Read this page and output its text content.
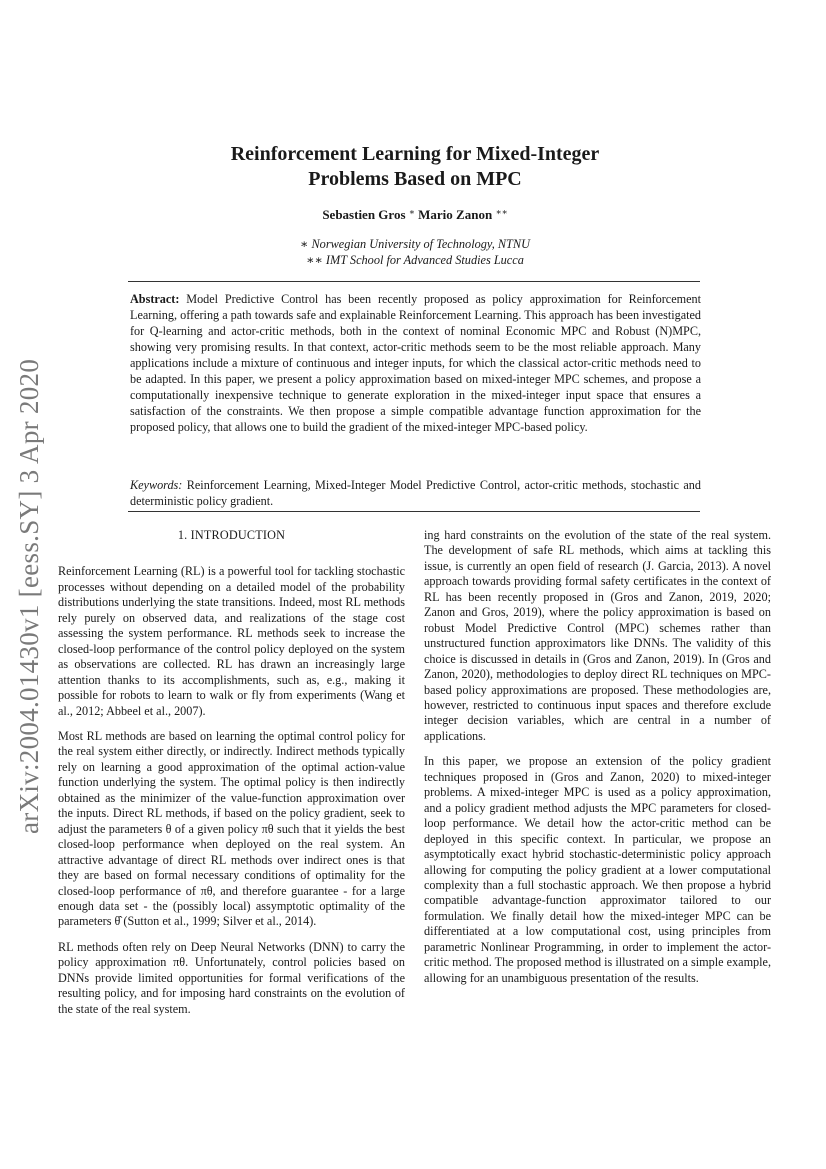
arXiv:2004.01430v1 [eess.SY] 3 Apr 2020
Reinforcement Learning for Mixed-Integer
Problems Based on MPC
Sebastien Gros ∗ Mario Zanon ∗∗
∗ Norwegian University of Technology, NTNU
∗∗ IMT School for Advanced Studies Lucca
Abstract: Model Predictive Control has been recently proposed as policy approximation for Reinforcement Learning, offering a path towards safe and explainable Reinforcement Learning. This approach has been investigated for Q-learning and actor-critic methods, both in the context of nominal Economic MPC and Robust (N)MPC, showing very promising results. In that context, actor-critic methods seem to be the most reliable approach. Many applications include a mixture of continuous and integer inputs, for which the classical actor-critic methods need to be adapted. In this paper, we present a policy approximation based on mixed-integer MPC schemes, and propose a computationally inexpensive technique to generate exploration in the mixed-integer input space that ensures a satisfaction of the constraints. We then propose a simple compatible advantage function approximation for the proposed policy, that allows one to build the gradient of the mixed-integer MPC-based policy.
Keywords: Reinforcement Learning, Mixed-Integer Model Predictive Control, actor-critic methods, stochastic and deterministic policy gradient.
1. INTRODUCTION

Reinforcement Learning (RL) is a powerful tool for tackling stochastic processes without depending on a detailed model of the probability distributions underlying the state transitions. Indeed, most RL methods rely purely on observed data, and realizations of the stage cost assessing the system performance. RL methods seek to increase the closed-loop performance of the control policy deployed on the system as observations are collected. RL has drawn an increasingly large attention thanks to its accomplishments, such as, e.g., making it possible for robots to learn to walk or fly from experiments (Wang et al., 2012; Abbeel et al., 2007).

Most RL methods are based on learning the optimal control policy for the real system either directly, or indirectly. Indirect methods typically rely on learning a good approximation of the optimal action-value function underlying the system. The optimal policy is then indirectly obtained as the minimizer of the value-function approximation over the inputs. Direct RL methods, if based on the policy gradient, seek to adjust the parameters θ of a given policy πθ such that it yields the best closed-loop performance when deployed on the real system. An attractive advantage of direct RL methods over indirect ones is that they are based on formal necessary conditions of optimality for the closed-loop performance of πθ, and therefore guarantee - for a large enough data set - the (possibly local) assymptotic optimality of the parameters θ̂ (Sutton et al., 1999; Silver et al., 2014).

RL methods often rely on Deep Neural Networks (DNN) to carry the policy approximation πθ. Unfortunately, control policies based on DNNs provide limited opportunities for formal verifications of the resulting policy, and for imposing hard constraints on the evolution of the state of the real system.

ing hard constraints on the evolution of the state of the real system. The development of safe RL methods, which aims at tackling this issue, is currently an open field of research (J. Garcia, 2013). A novel approach towards providing formal safety certificates in the context of RL has been recently proposed in (Gros and Zanon, 2019, 2020; Zanon and Gros, 2019), where the policy approximation is based on robust Model Predictive Control (MPC) schemes rather than unstructured function approximators like DNNs. The validity of this choice is discussed in details in (Gros and Zanon, 2019). In (Gros and Zanon, 2020), methodologies to deploy direct RL techniques on MPC-based policy approximations are proposed. These methodologies are, however, restricted to continuous input spaces and therefore exclude integer decision variables, which are central in a number of applications.

In this paper, we propose an extension of the policy gradient techniques proposed in (Gros and Zanon, 2020) to mixed-integer problems. A mixed-integer MPC is used as a policy approximation, and a policy gradient method adjusts the MPC parameters for closed-loop performance. We detail how the actor-critic method can be deployed in this specific context. In particular, we propose an asymptotically exact hybrid stochastic-deterministic policy approach allowing for computing the policy gradient at a lower computational complexity than a full stochastic approach. We then propose a hybrid compatible advantage-function approximator tailored to our formulation. We finally detail how the mixed-integer MPC can be differentiated at a low computational cost, using principles from parametric Nonlinear Programming, in order to implement the actor-critic method. The proposed method is illustrated on a simple example, allowing for an unambiguous presentation of the results.
